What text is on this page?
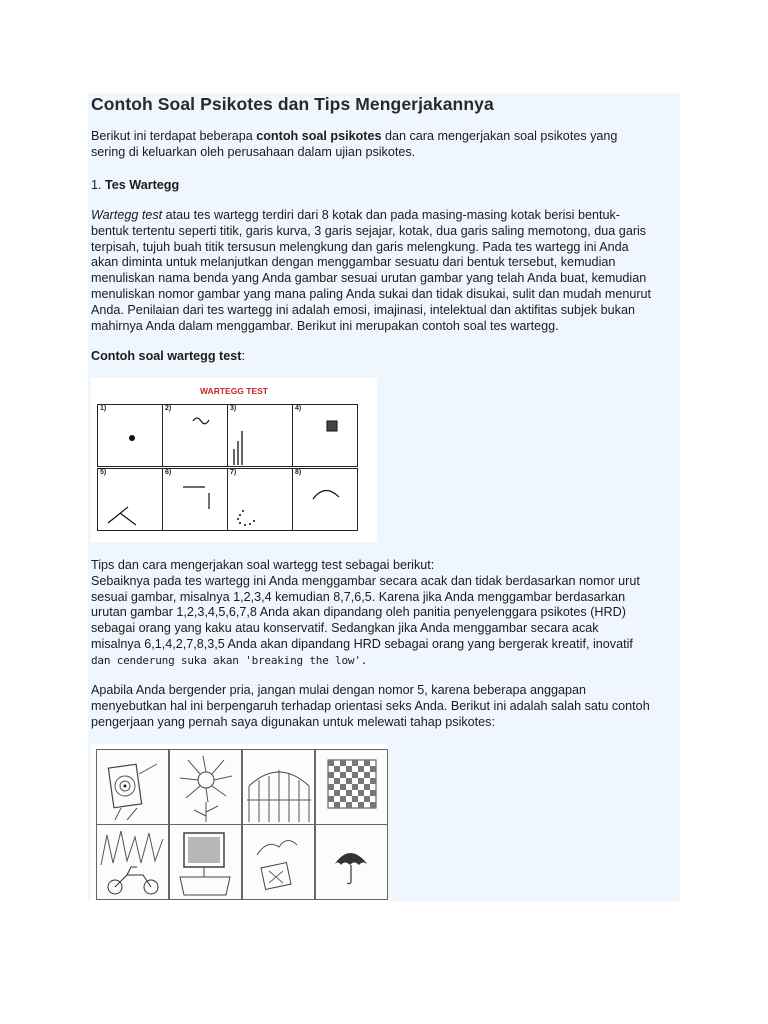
Contoh Soal Psikotes dan Tips Mengerjakannya

Berikut ini terdapat beberapa contoh soal psikotes dan cara mengerjakan soal psikotes yang
sering di keluarkan oleh perusahaan dalam ujian psikotes.

1. Tes Wartegg

Wartegg test atau tes wartegg terdiri dari 8 kotak dan pada masing-masing kotak berisi bentuk-
bentuk tertentu seperti titik, garis kurva, 3 garis sejajar, kotak, dua garis saling memotong, dua garis
terpisah, tujuh buah titik tersusun melengkung dan garis melengkung. Pada tes wartegg ini Anda
akan diminta untuk melanjutkan dengan menggambar sesuatu dari bentuk tersebut, kemudian
menuliskan nama benda yang Anda gambar sesuai urutan gambar yang telah Anda buat, kemudian
menuliskan nomor gambar yang mana paling Anda sukai dan tidak disukai, sulit dan mudah menurut
Anda. Penilaian dari tes wartegg ini adalah emosi, imajinasi, intelektual dan aktifitas subjek bukan
mahirnya Anda dalam menggambar. Berikut ini merupakan contoh soal tes wartegg.

Contoh soal wartegg test:

WARTEGG TEST
1)	2)	3)	4)
5)	6)	7)	8)

Tips dan cara mengerjakan soal wartegg test sebagai berikut:
Sebaiknya pada tes wartegg ini Anda menggambar secara acak dan tidak berdasarkan nomor urut
sesuai gambar, misalnya 1,2,3,4 kemudian 8,7,6,5. Karena jika Anda menggambar berdasarkan
urutan gambar 1,2,3,4,5,6,7,8 Anda akan dipandang oleh panitia penyelenggara psikotes (HRD)
sebagai orang yang kaku atau konservatif. Sedangkan jika Anda menggambar secara acak
misalnya 6,1,4,2,7,8,3,5 Anda akan dipandang HRD sebagai orang yang bergerak kreatif, inovatif
dan cenderung suka akan 'breaking the low'.

Apabila Anda bergender pria, jangan mulai dengan nomor 5, karena beberapa anggapan
menyebutkan hal ini berpengaruh terhadap orientasi seks Anda. Berikut ini adalah salah satu contoh
pengerjaan yang pernah saya digunakan untuk melewati tahap psikotes:
